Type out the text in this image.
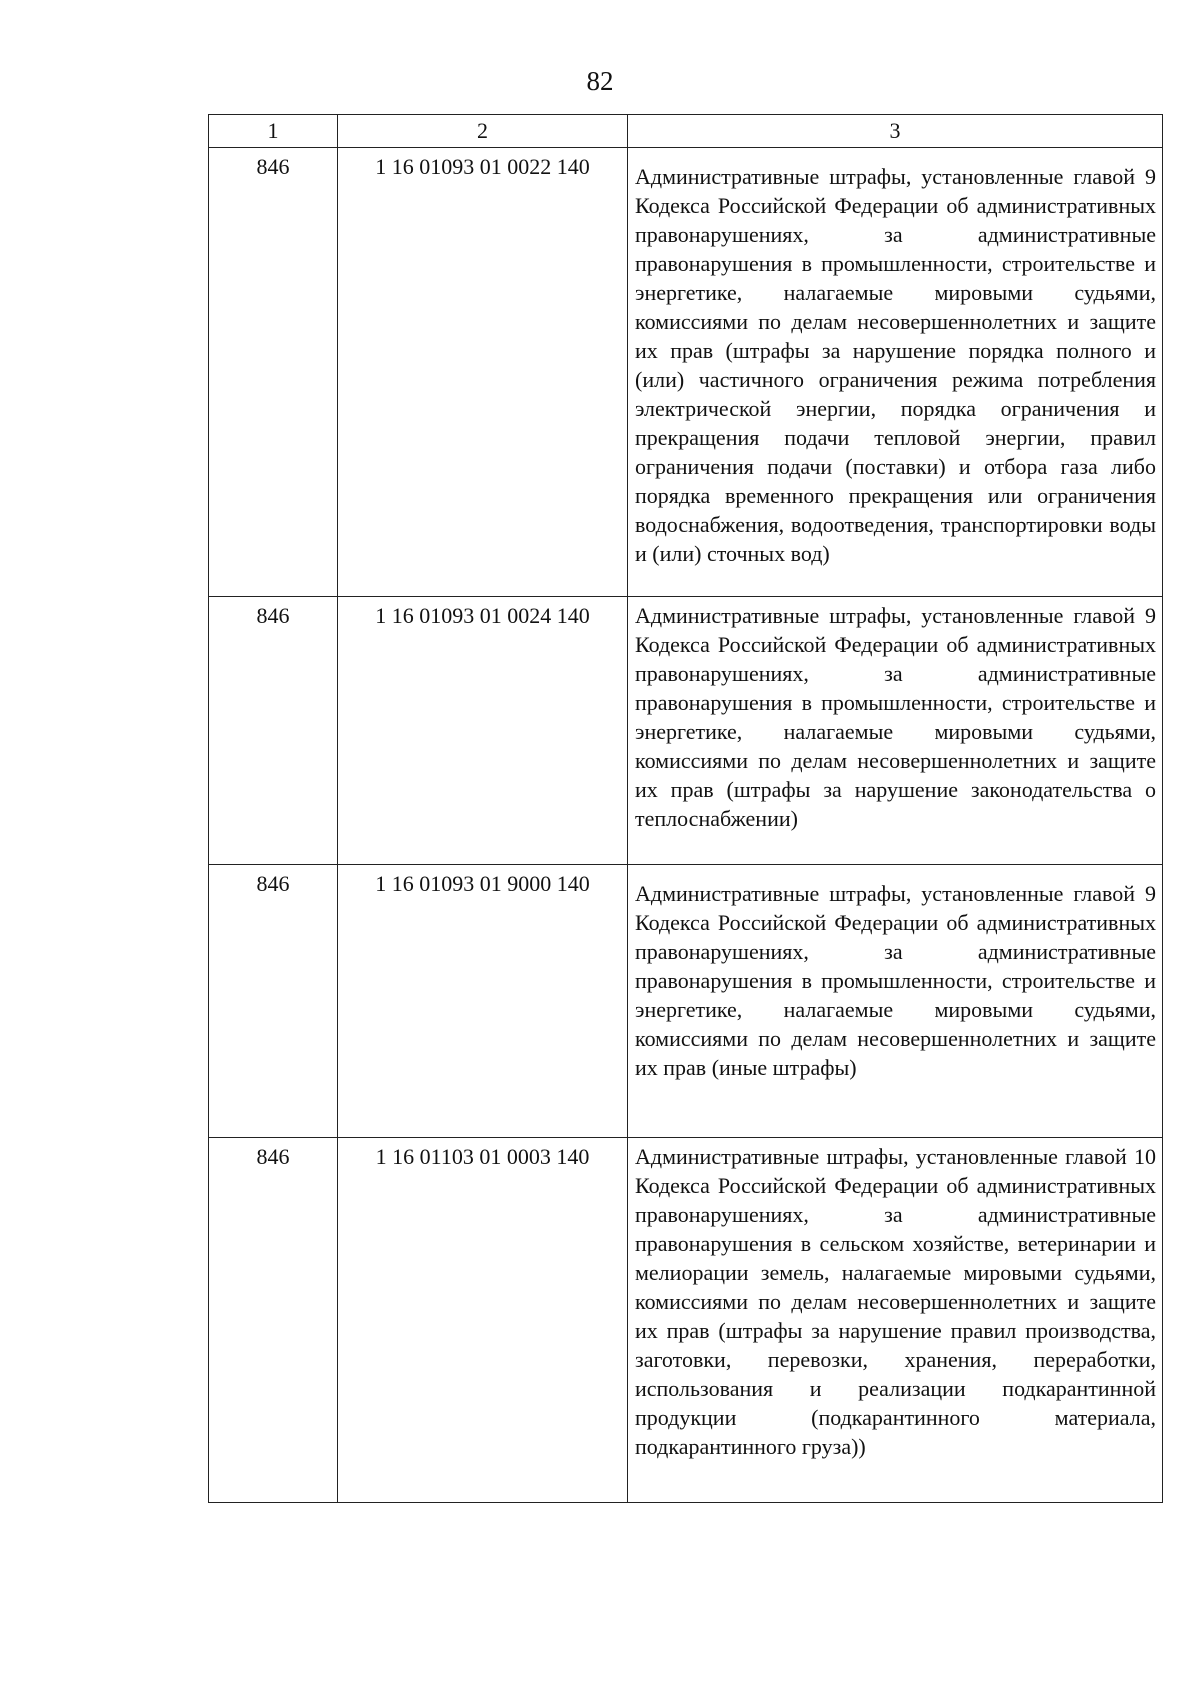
82
1	2	3
846	1 16 01093 01 0022 140	Административные штрафы, установленные главой 9 Кодекса Российской Федерации об административных правонарушениях, за административные правонарушения в промышленности, строительстве и энергетике, налагаемые мировыми судьями, комиссиями по делам несовершеннолетних и защите их прав (штрафы за нарушение порядка полного и (или) частичного ограничения режима потребления электрической энергии, порядка ограничения и прекращения подачи тепловой энергии, правил ограничения подачи (поставки) и отбора газа либо порядка временного прекращения или ограничения водоснабжения, водоотведения, транспортировки воды и (или) сточных вод)
846	1 16 01093 01 0024 140	Административные штрафы, установленные главой 9 Кодекса Российской Федерации об административных правонарушениях, за административные правонарушения в промышленности, строительстве и энергетике, налагаемые мировыми судьями, комиссиями по делам несовершеннолетних и защите их прав (штрафы за нарушение законодательства о теплоснабжении)
846	1 16 01093 01 9000 140	Административные штрафы, установленные главой 9 Кодекса Российской Федерации об административных правонарушениях, за административные правонарушения в промышленности, строительстве и энергетике, налагаемые мировыми судьями, комиссиями по делам несовершеннолетних и защите их прав (иные штрафы)
846	1 16 01103 01 0003 140	Административные штрафы, установленные главой 10 Кодекса Российской Федерации об административных правонарушениях, за административные правонарушения в сельском хозяйстве, ветеринарии и мелиорации земель, налагаемые мировыми судьями, комиссиями по делам несовершеннолетних и защите их прав (штрафы за нарушение правил производства, заготовки, перевозки, хранения, переработки, использования и реализации подкарантинной продукции (подкарантинного материала, подкарантинного груза))
